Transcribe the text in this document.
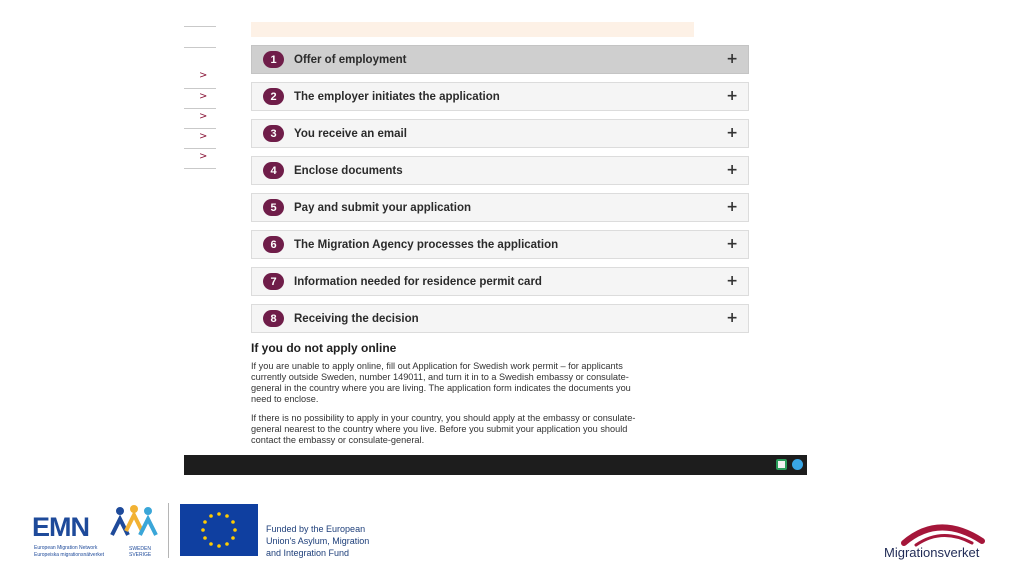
>
>
>
>
>
1	Offer of employment	+
2	The employer initiates the application	+
3	You receive an email	+
4	Enclose documents	+
5	Pay and submit your application	+
6	The Migration Agency processes the application	+
7	Information needed for residence permit card	+
8	Receiving the decision	+
If you do not apply online

If you are unable to apply online, fill out Application for Swedish work permit – for applicants currently outside Sweden, number 149011, and turn it in to a Swedish embassy or consulate-general in the country where you are living. The application form indicates the documents you need to enclose.

If there is no possibility to apply in your country, you should apply at the embassy or consulate-general nearest to the country where you live. Before you submit your application you should contact the embassy or consulate-general.

EMN
European Migration Network
Europeiska migrationsnätverket
SWEDEN SVERIGE
Funded by the European
Union's Asylum, Migration
and Integration Fund	Migrationsverket
